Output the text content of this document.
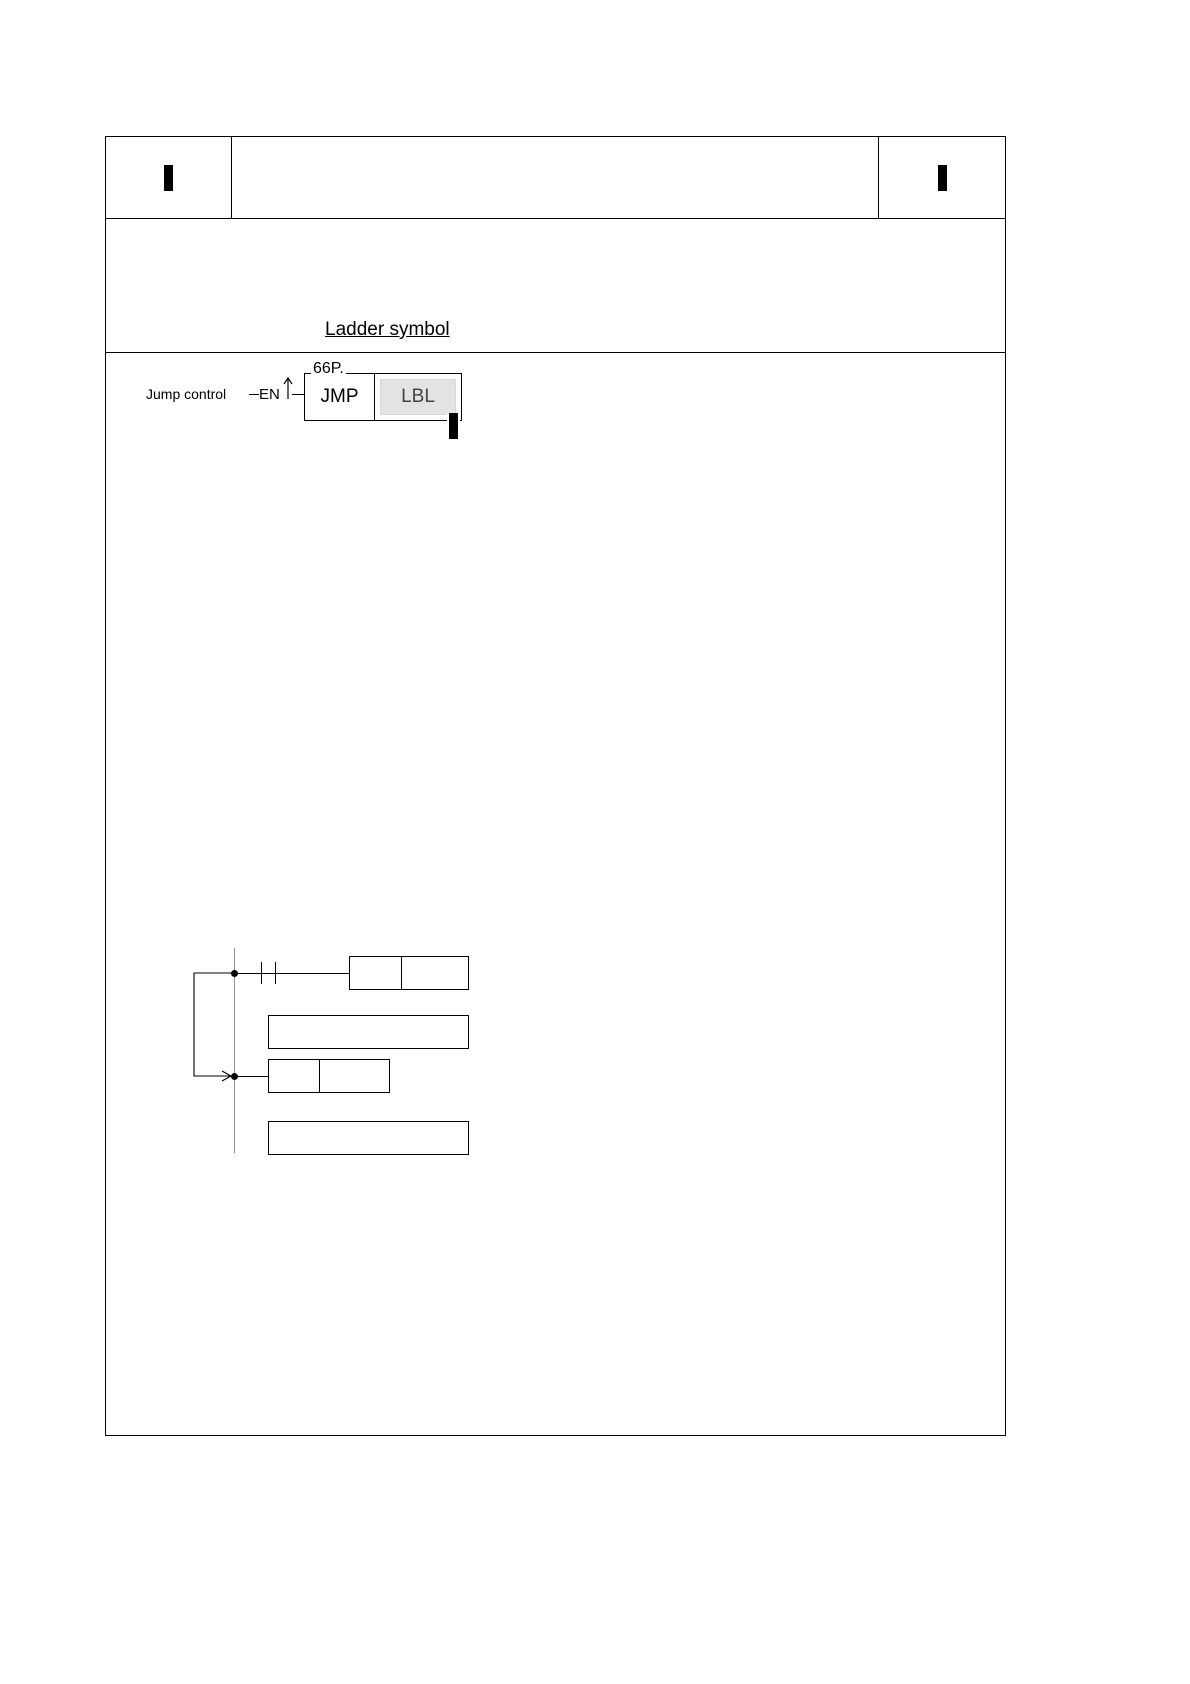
Ladder symbol
Jump control EN
66P.
JMP	LBL
